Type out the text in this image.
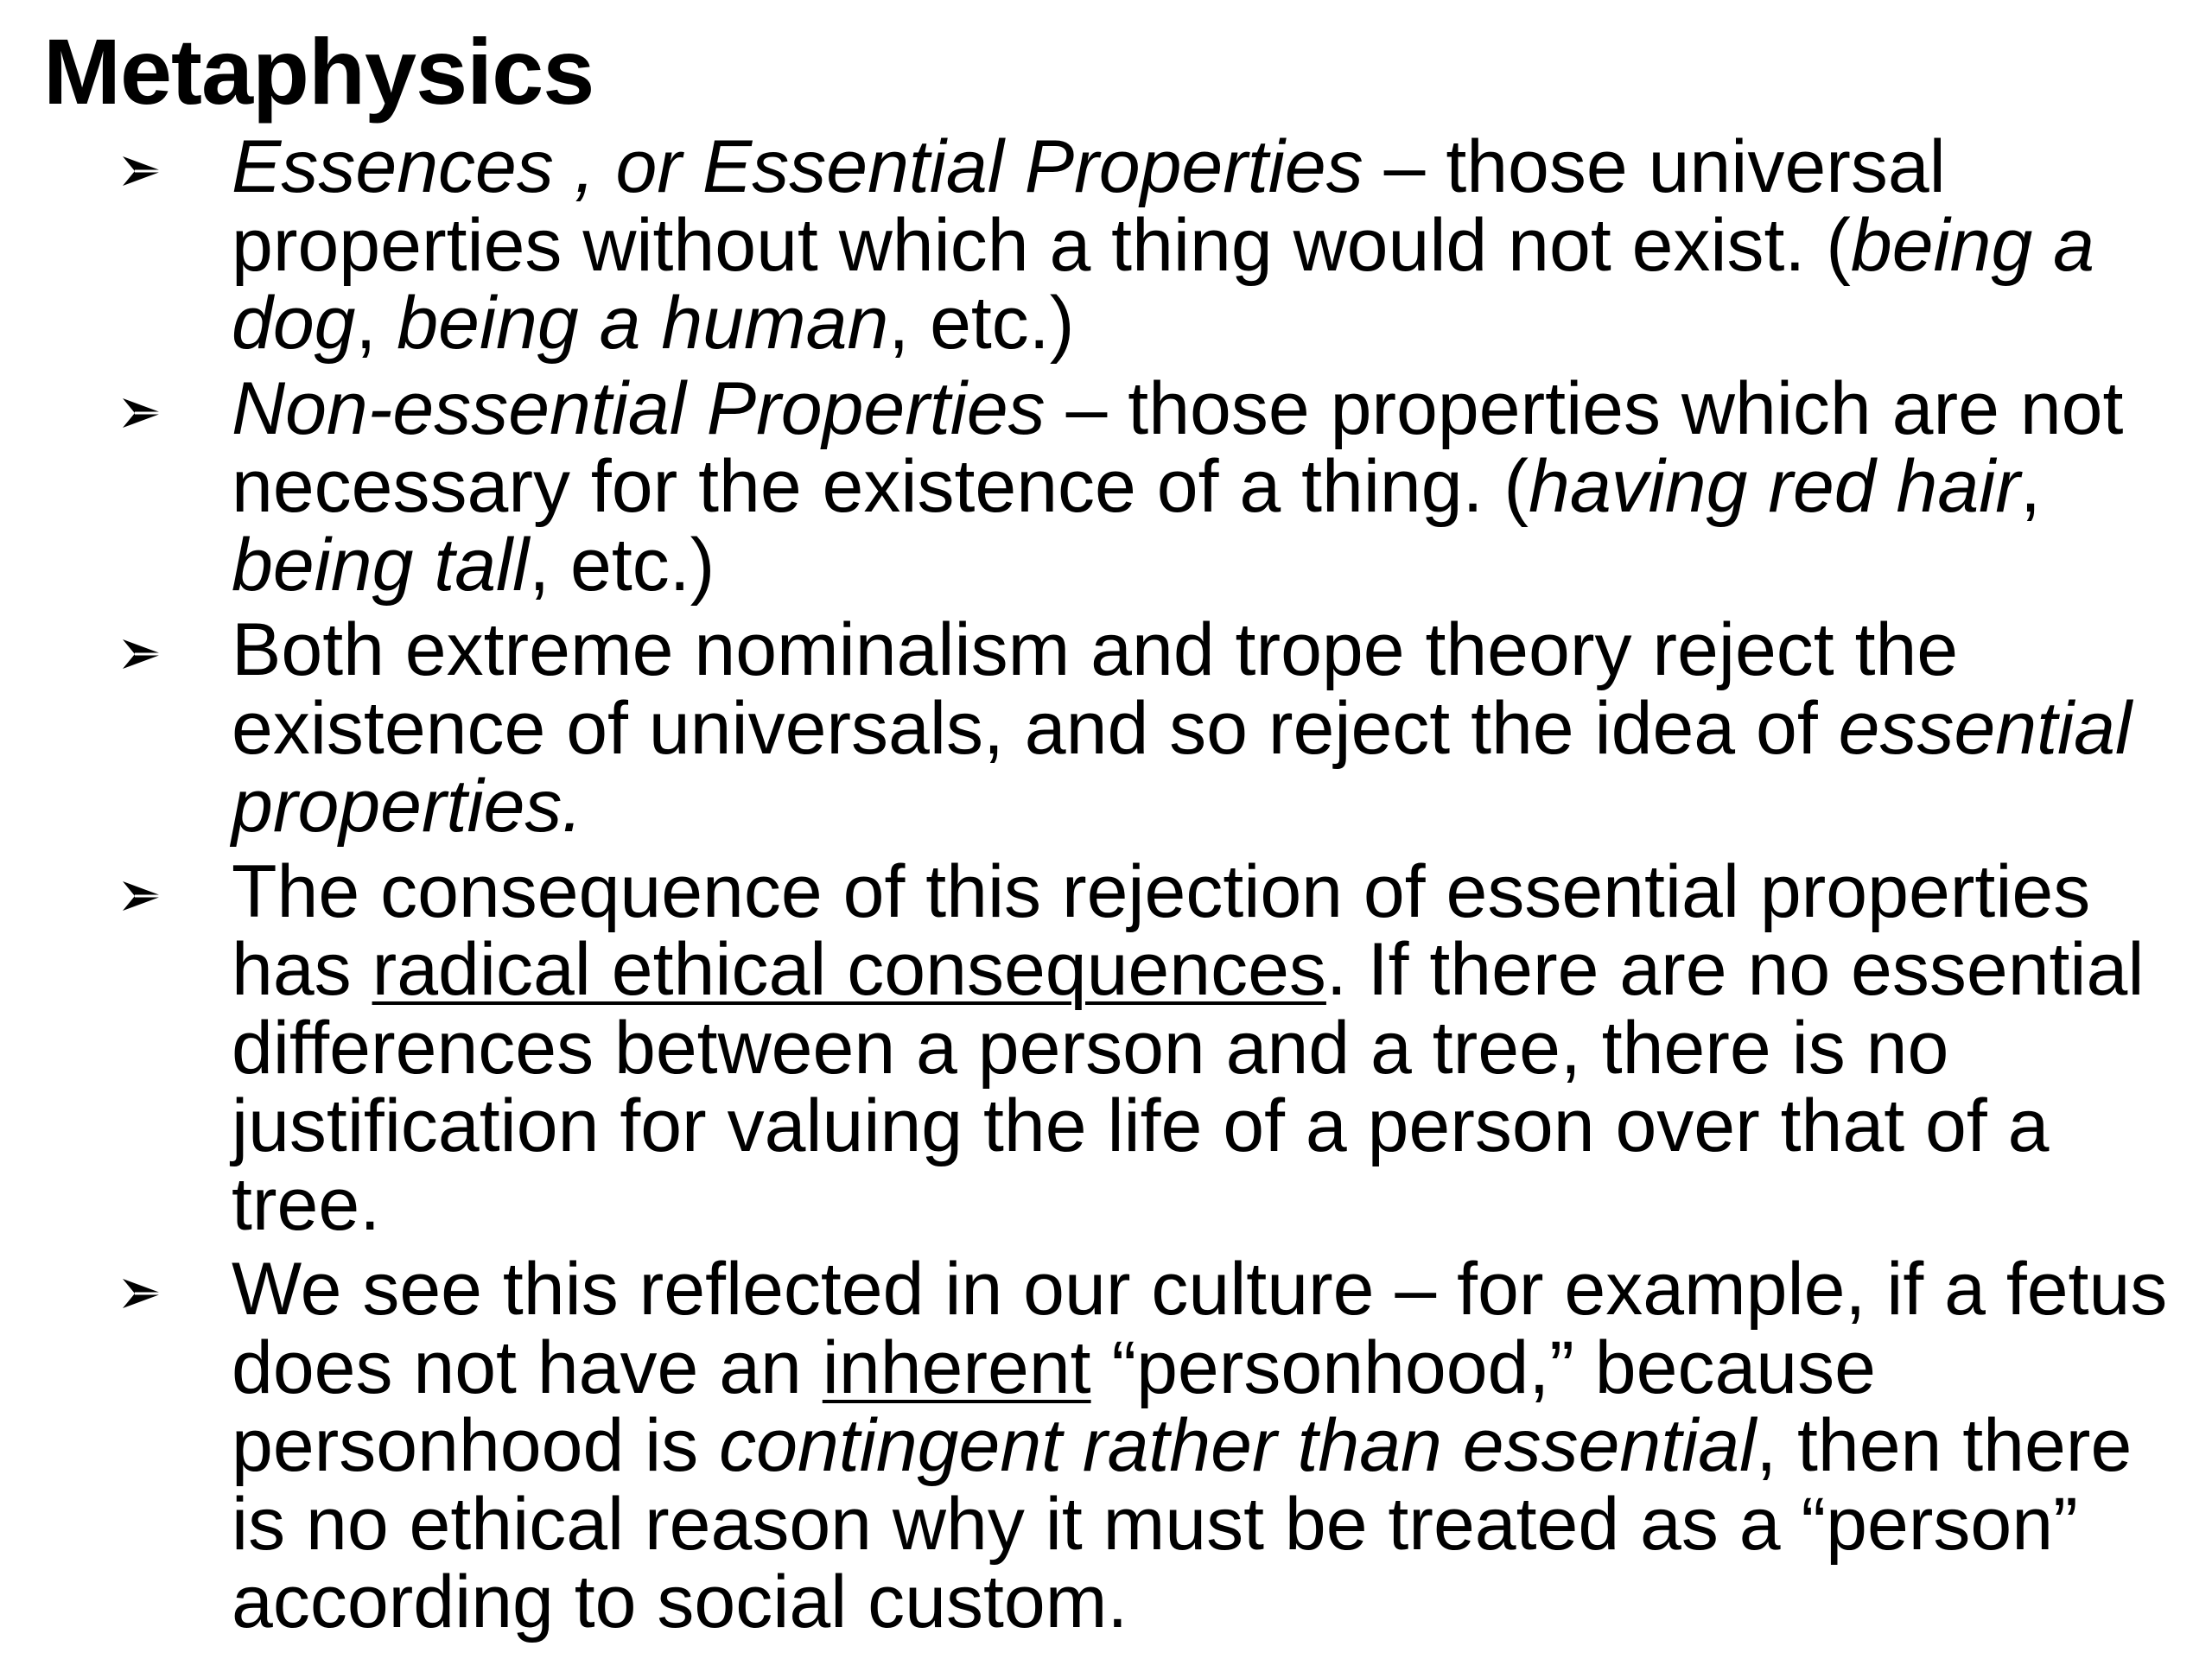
Metaphysics
Essences , or Essential Properties – those universal properties without which a thing would not exist. (being a dog, being a human, etc.)
Non-essential Properties – those properties which are not necessary for the existence of a thing. (having red hair, being tall, etc.)
Both extreme nominalism and trope theory reject the existence of universals, and so reject the idea of essential properties.
The consequence of this rejection of essential properties has radical ethical consequences. If there are no essential differences between a person and a tree, there is no justification for valuing the life of a person over that of a tree.
We see this reflected in our culture – for example, if a fetus does not have an inherent “personhood,” because personhood is contingent rather than essential, then there is no ethical reason why it must be treated as a “person” according to social custom.
